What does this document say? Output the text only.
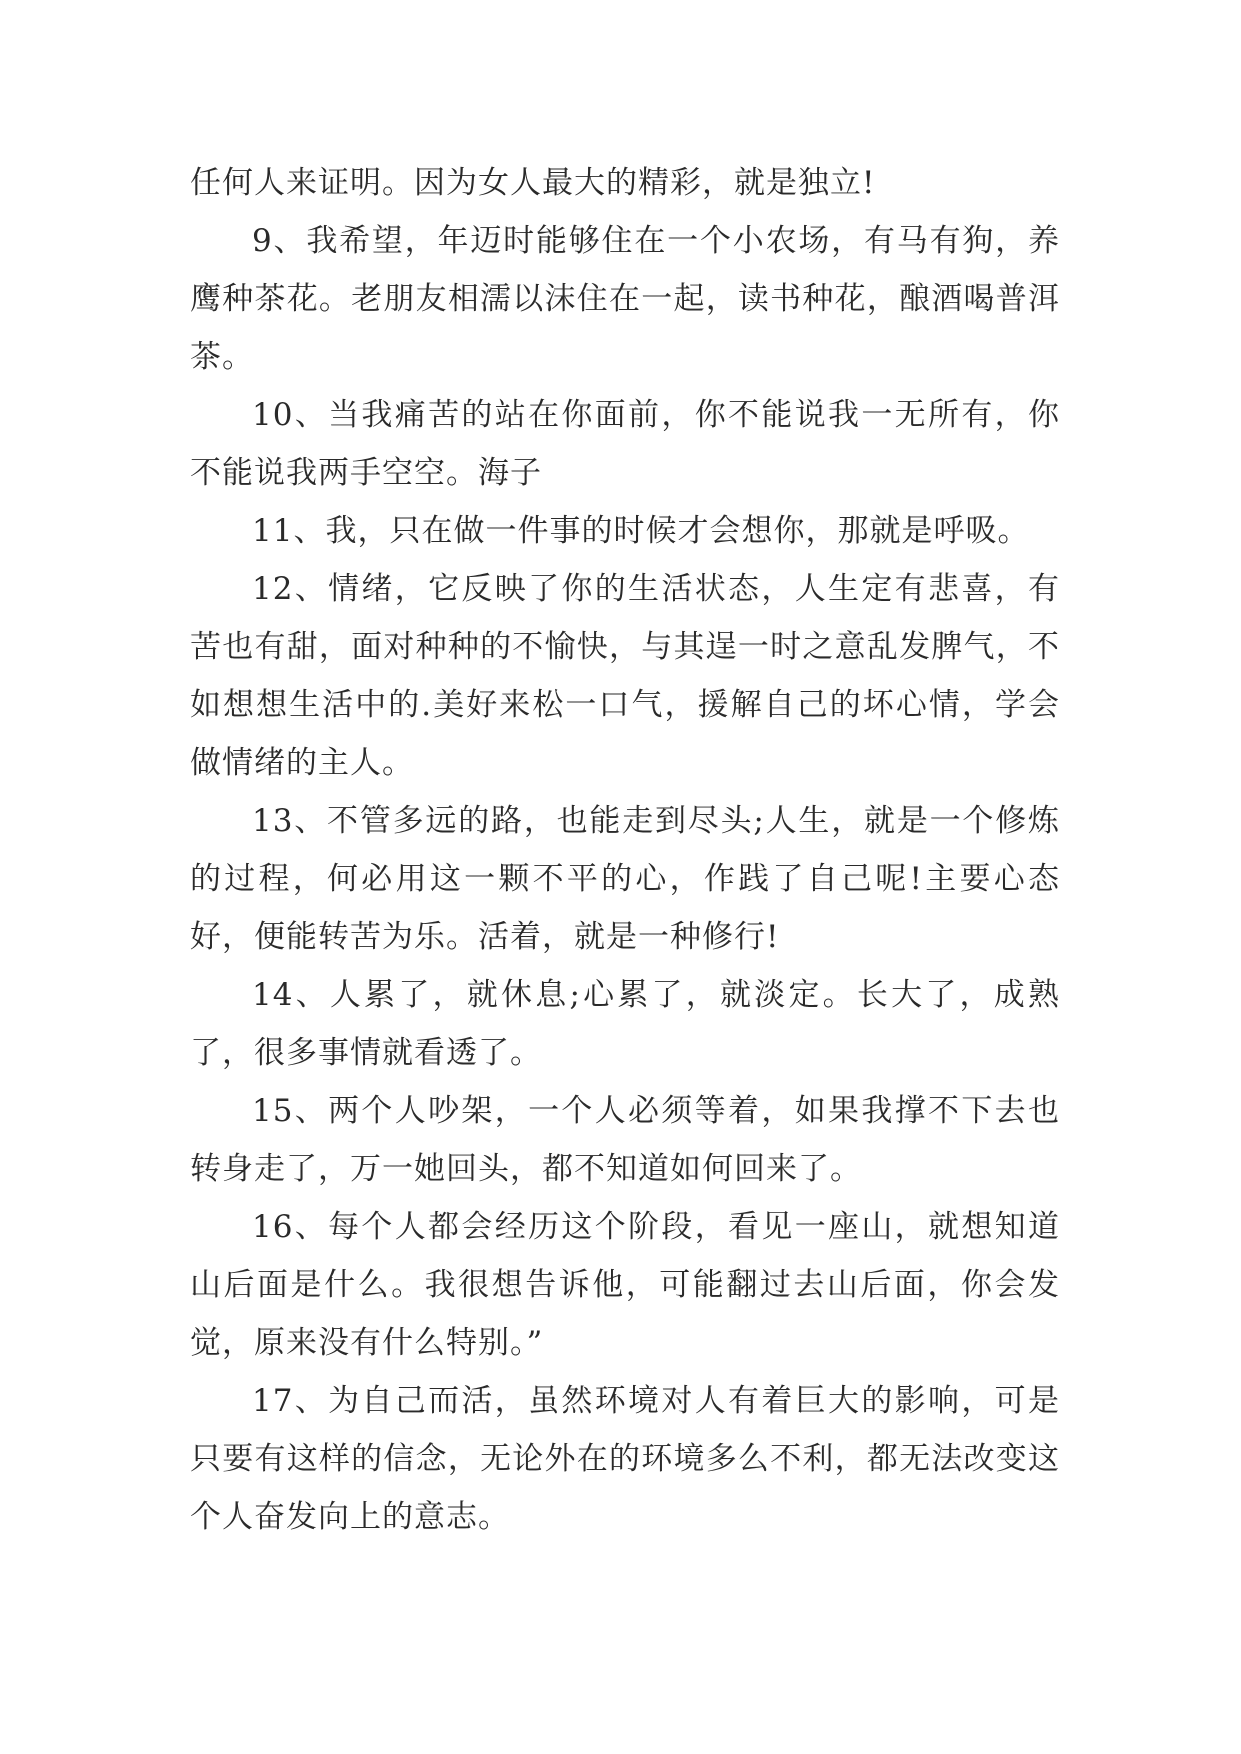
任何人来证明。因为女人最大的精彩，就是独立!

9、我希望，年迈时能够住在一个小农场，有马有狗，养鹰种茶花。老朋友相濡以沫住在一起，读书种花，酿酒喝普洱茶。

10、当我痛苦的站在你面前，你不能说我一无所有，你不能说我两手空空。海子

11、我，只在做一件事的时候才会想你，那就是呼吸。

12、情绪，它反映了你的生活状态，人生定有悲喜，有苦也有甜，面对种种的不愉快，与其逞一时之意乱发脾气，不如想想生活中的.美好来松一口气，援解自己的坏心情，学会做情绪的主人。

13、不管多远的路，也能走到尽头;人生，就是一个修炼的过程，何必用这一颗不平的心，作践了自己呢!主要心态好，便能转苦为乐。活着，就是一种修行!

14、人累了，就休息;心累了，就淡定。长大了，成熟了，很多事情就看透了。

15、两个人吵架，一个人必须等着，如果我撑不下去也转身走了，万一她回头，都不知道如何回来了。

16、每个人都会经历这个阶段，看见一座山，就想知道山后面是什么。我很想告诉他，可能翻过去山后面，你会发觉，原来没有什么特别。”

17、为自己而活，虽然环境对人有着巨大的影响，可是只要有这样的信念，无论外在的环境多么不利，都无法改变这个人奋发向上的意志。
